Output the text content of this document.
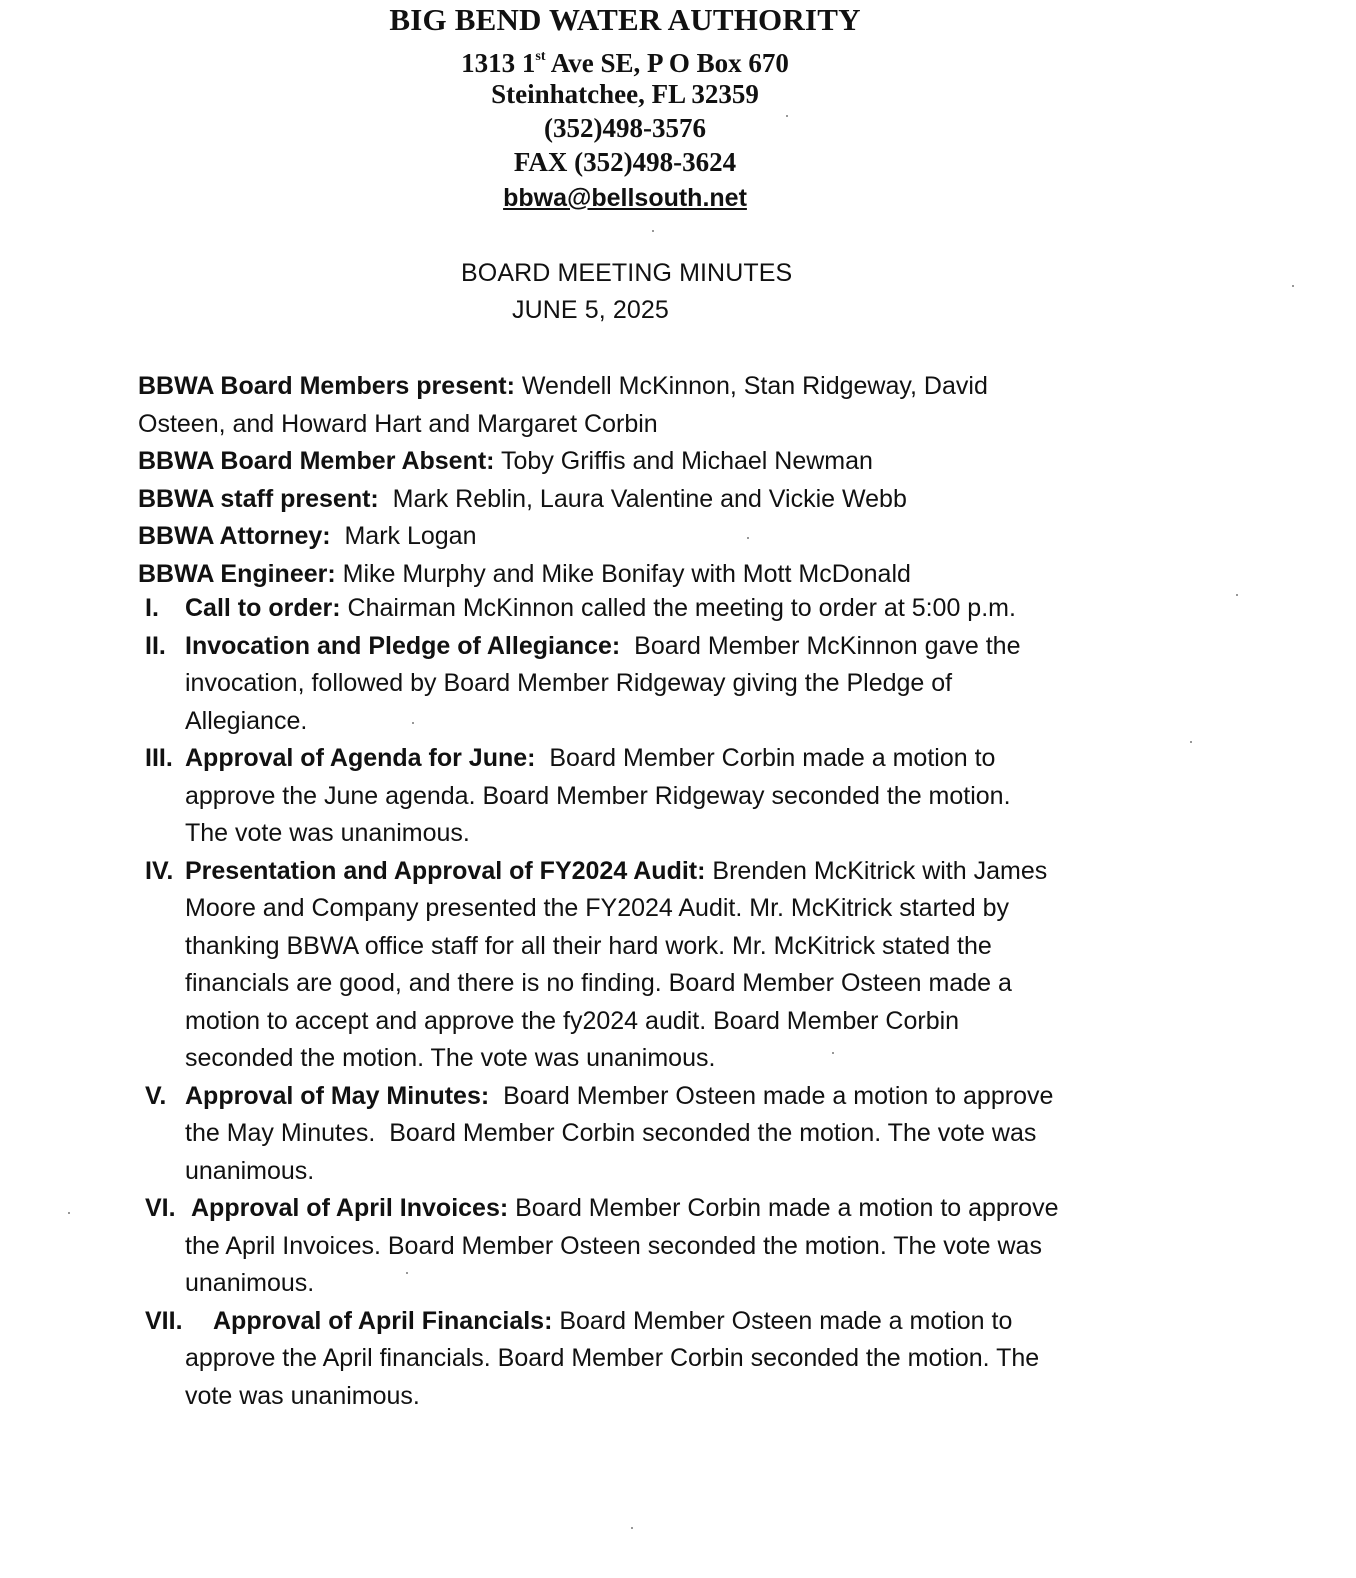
BIG BEND WATER AUTHORITY
1313 1st Ave SE, P O Box 670
Steinhatchee, FL 32359
(352)498-3576
FAX (352)498-3624
bbwa@bellsouth.net
BOARD MEETING MINUTES
JUNE 5, 2025
BBWA Board Members present: Wendell McKinnon, Stan Ridgeway, David
Osteen, and Howard Hart and Margaret Corbin
BBWA Board Member Absent: Toby Griffis and Michael Newman
BBWA staff present:  Mark Reblin, Laura Valentine and Vickie Webb
BBWA Attorney:  Mark Logan
BBWA Engineer: Mike Murphy and Mike Bonifay with Mott McDonald
I. Call to order: Chairman McKinnon called the meeting to order at 5:00 p.m.
II. Invocation and Pledge of Allegiance:  Board Member McKinnon gave the
invocation, followed by Board Member Ridgeway giving the Pledge of
Allegiance.
III. Approval of Agenda for June:  Board Member Corbin made a motion to
approve the June agenda. Board Member Ridgeway seconded the motion.
The vote was unanimous.
IV. Presentation and Approval of FY2024 Audit: Brenden McKitrick with James
Moore and Company presented the FY2024 Audit. Mr. McKitrick started by
thanking BBWA office staff for all their hard work. Mr. McKitrick stated the
financials are good, and there is no finding. Board Member Osteen made a
motion to accept and approve the fy2024 audit. Board Member Corbin
seconded the motion. The vote was unanimous.
V. Approval of May Minutes:  Board Member Osteen made a motion to approve
the May Minutes.  Board Member Corbin seconded the motion. The vote was
unanimous.
VI. Approval of April Invoices: Board Member Corbin made a motion to approve
the April Invoices. Board Member Osteen seconded the motion. The vote was
unanimous.
VII.	Approval of April Financials: Board Member Osteen made a motion to
approve the April financials. Board Member Corbin seconded the motion. The
vote was unanimous.
